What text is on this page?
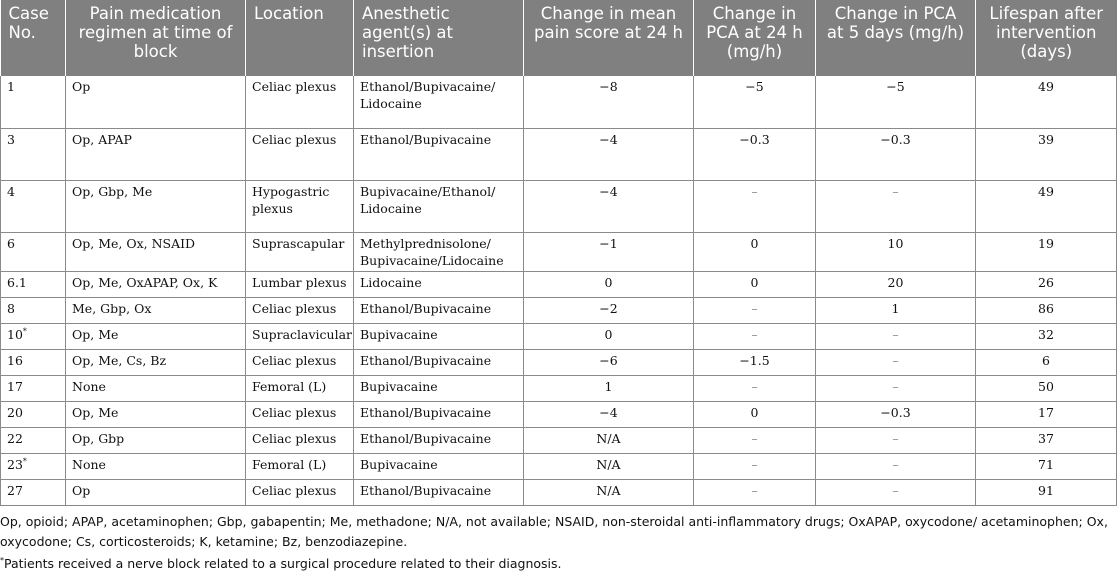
Case No.	Pain medication regimen at time of block	Location	Anesthetic agent(s) at insertion	Change in mean pain score at 24 h	Change in PCA at 24 h (mg/h)	Change in PCA at 5 days (mg/h)	Lifespan after intervention (days)
1	Op	Celiac plexus	Ethanol/Bupivacaine/ Lidocaine	−8	−5	−5	49
3	Op, APAP	Celiac plexus	Ethanol/Bupivacaine	−4	−0.3	−0.3	39
4	Op, Gbp, Me	Hypogastric plexus	Bupivacaine/Ethanol/ Lidocaine	−4	–	–	49
6	Op, Me, Ox, NSAID	Suprascapular	Methylprednisolone/ Bupivacaine/Lidocaine	−1	0	10	19
6.1	Op, Me, OxAPAP, Ox, K	Lumbar plexus	Lidocaine	0	0	20	26
8	Me, Gbp, Ox	Celiac plexus	Ethanol/Bupivacaine	−2	–	1	86
10*	Op, Me	Supraclavicular	Bupivacaine	0	–	–	32
16	Op, Me, Cs, Bz	Celiac plexus	Ethanol/Bupivacaine	−6	−1.5	–	6
17	None	Femoral (L)	Bupivacaine	1	–	–	50
20	Op, Me	Celiac plexus	Ethanol/Bupivacaine	−4	0	−0.3	17
22	Op, Gbp	Celiac plexus	Ethanol/Bupivacaine	N/A	–	–	37
23*	None	Femoral (L)	Bupivacaine	N/A	–	–	71
27	Op	Celiac plexus	Ethanol/Bupivacaine	N/A	–	–	91

Op, opioid; APAP, acetaminophen; Gbp, gabapentin; Me, methadone; N/A, not available; NSAID, non-steroidal anti-inflammatory drugs; OxAPAP, oxycodone/ acetaminophen; Ox, oxycodone; Cs, corticosteroids; K, ketamine; Bz, benzodiazepine.

*Patients received a nerve block related to a surgical procedure related to their diagnosis.
